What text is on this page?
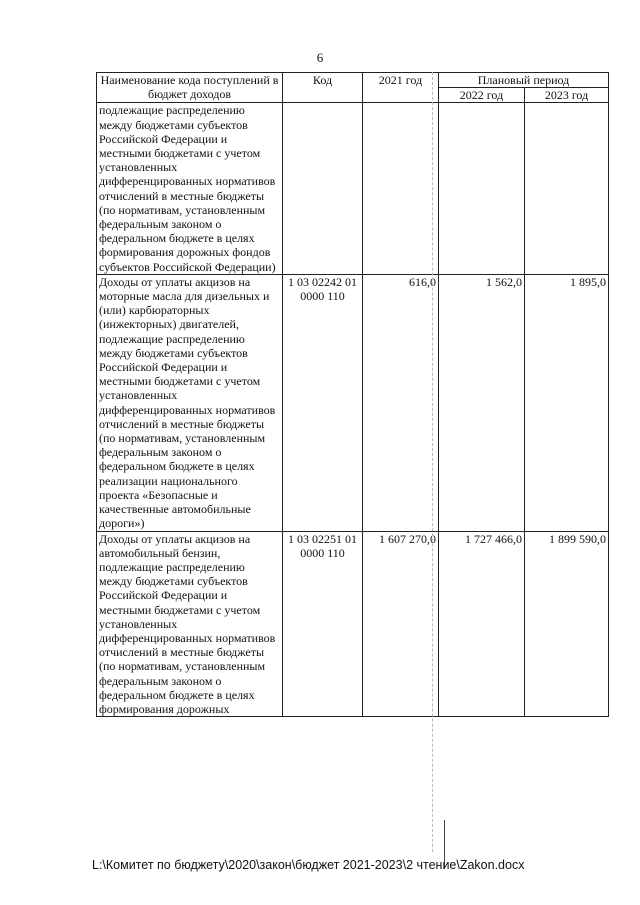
6
Наименование кода поступлений в бюджет доходов	Код	2021 год	Плановый период	
			2022 год	2023 год
подлежащие распределению между бюджетами субъектов Российской Федерации и местными бюджетами с учетом установленных дифференцированных нормативов отчислений в местные бюджеты (по нормативам, установленным федеральным законом о федеральном бюджете в целях формирования дорожных фондов субъектов Российской Федерации)				
Доходы от уплаты акцизов на моторные масла для дизельных и (или) карбюраторных (инжекторных) двигателей, подлежащие распределению между бюджетами субъектов Российской Федерации и местными бюджетами с учетом установленных дифференцированных нормативов отчислений в местные бюджеты (по нормативам, установленным федеральным законом о федеральном бюджете в целях реализации национального проекта «Безопасные и качественные автомобильные дороги»)	1 03 02242 01 0000 110	616,0	1 562,0	1 895,0
Доходы от уплаты акцизов на автомобильный бензин, подлежащие распределению между бюджетами субъектов Российской Федерации и местными бюджетами с учетом установленных дифференцированных нормативов отчислений в местные бюджеты (по нормативам, установленным федеральным законом о федеральном бюджете в целях формирования дорожных	1 03 02251 01 0000 110	1 607 270,0	1 727 466,0	1 899 590,0
L:\Комитет по бюджету\2020\закон\бюджет 2021-2023\2 чтение\Zakon.docx
